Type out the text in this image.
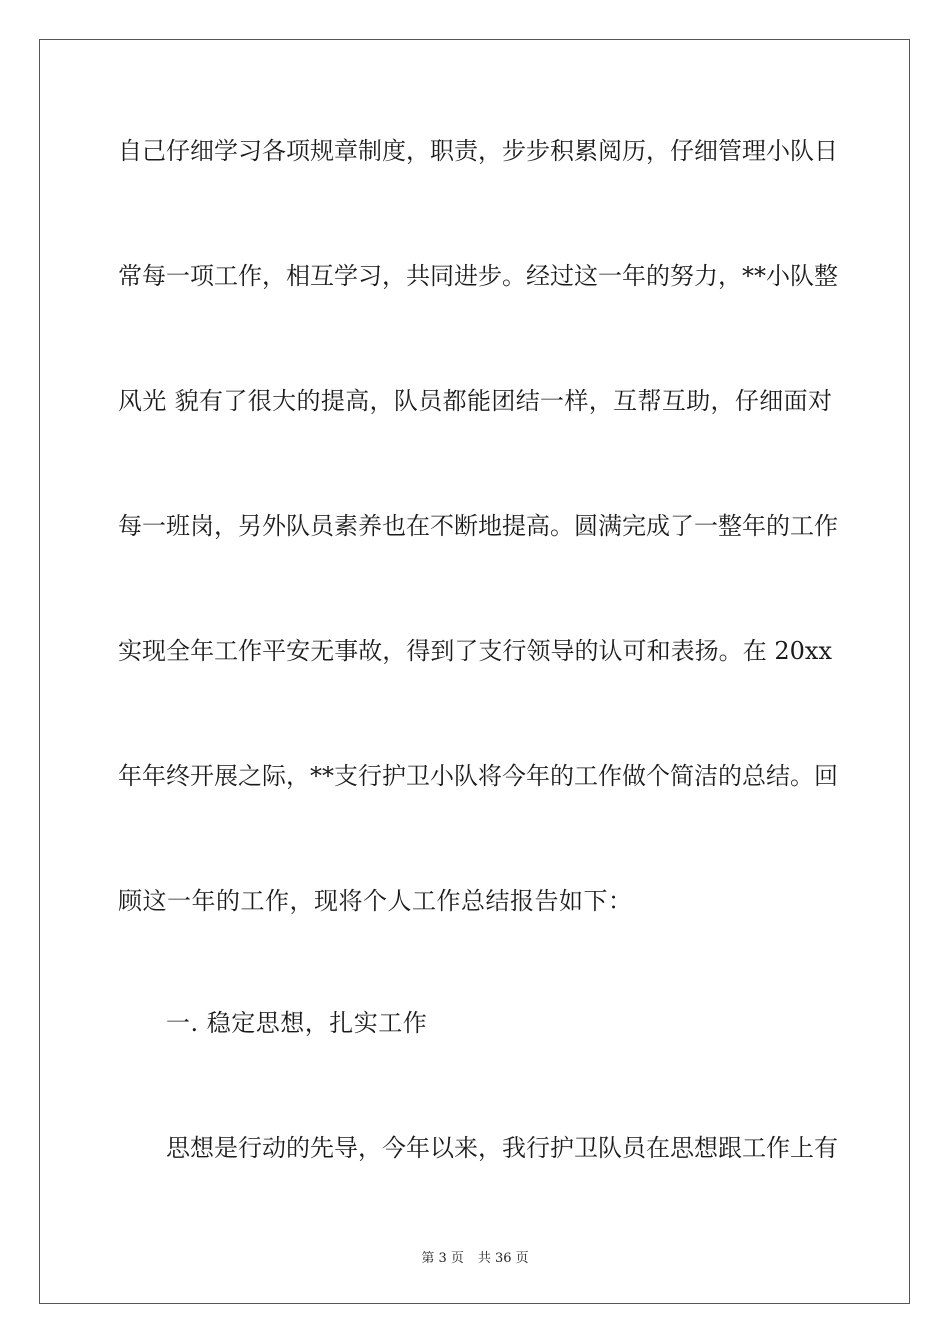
自己仔细学习各项规章制度，职责，步步积累阅历，仔细管理小队日
常每一项工作，相互学习，共同进步。经过这一年的努力，**小队整
风光 貌有了很大的提高，队员都能团结一样，互帮互助，仔细面对
每一班岗，另外队员素养也在不断地提高。圆满完成了一整年的工作
实现全年工作平安无事故，得到了支行领导的认可和表扬。在 20xx
年年终开展之际，**支行护卫小队将今年的工作做个简洁的总结。回
顾这一年的工作，现将个人工作总结报告如下：
一. 稳定思想，扎实工作
思想是行动的先导，今年以来，我行护卫队员在思想跟工作上有
第 3 页 共 36 页
